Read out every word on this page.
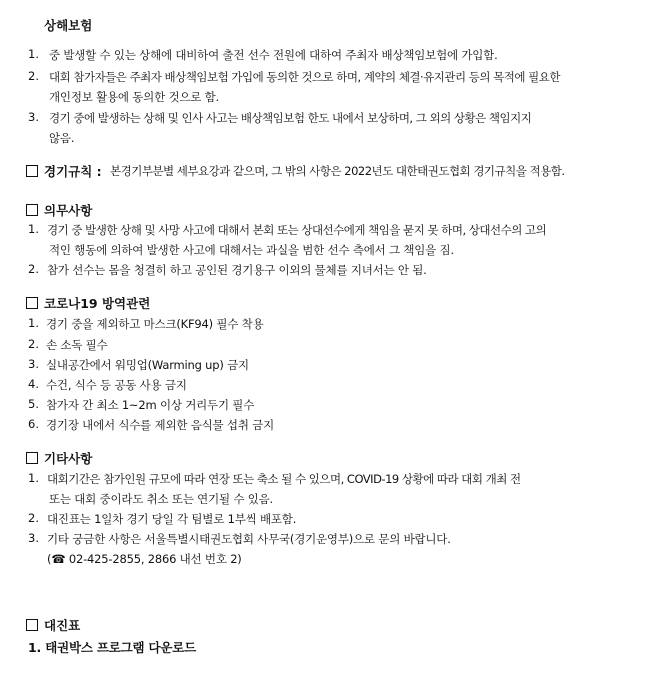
상해보험
1. 중 발생할 수 있는 상해에 대비하여 출전 선수 전원에 대하여 주최자 배상책임보험에 가입함.
2. 대회 참가자들은 주최자 배상책임보험 가입에 동의한 것으로 하며, 계약의 체결·유지관리 등의 목적에 필요한
개인정보 활용에 동의한 것으로 함.
3. 경기 중에 발생하는 상해 및 인사 사고는 배상책임보험 한도 내에서 보상하며, 그 외의 상황은 책임지지
않음.
경기규칙 : 본경기부분별 세부요강과 같으며, 그 밖의 사항은 2022년도 대한태권도협회 경기규칙을 적용함.
의무사항
1. 경기 중 발생한 상해 및 사망 사고에 대해서 본회 또는 상대선수에게 책임을 묻지 못 하며, 상대선수의 고의
적인 행동에 의하여 발생한 사고에 대해서는 과실을 범한 선수 측에서 그 책임을 짐.
2. 참가 선수는 몸을 청결히 하고 공인된 경기용구 이외의 물체를 지녀서는 안 됨.
코로나19 방역관련
1. 경기 중을 제외하고 마스크(KF94) 필수 착용
2. 손 소독 필수
3. 실내공간에서 워밍업(Warming up) 금지
4. 수건, 식수 등 공동 사용 금지
5. 참가자 간 최소 1~2m 이상 거리두기 필수
6. 경기장 내에서 식수를 제외한 음식물 섭취 금지
기타사항
1. 대회기간은 참가인원 규모에 따라 연장 또는 축소 될 수 있으며, COVID-19 상황에 따라 대회 개최 전
또는 대회 중이라도 취소 또는 연기될 수 있음.
2. 대진표는 1일차 경기 당일 각 팀별로 1부씩 배포함.
3. 기타 궁금한 사항은 서울특별시태권도협회 사무국(경기운영부)으로 문의 바랍니다.
(☎ 02-425-2855, 2866 내선 번호 2)
대진표
1. 태권박스 프로그램 다운로드
